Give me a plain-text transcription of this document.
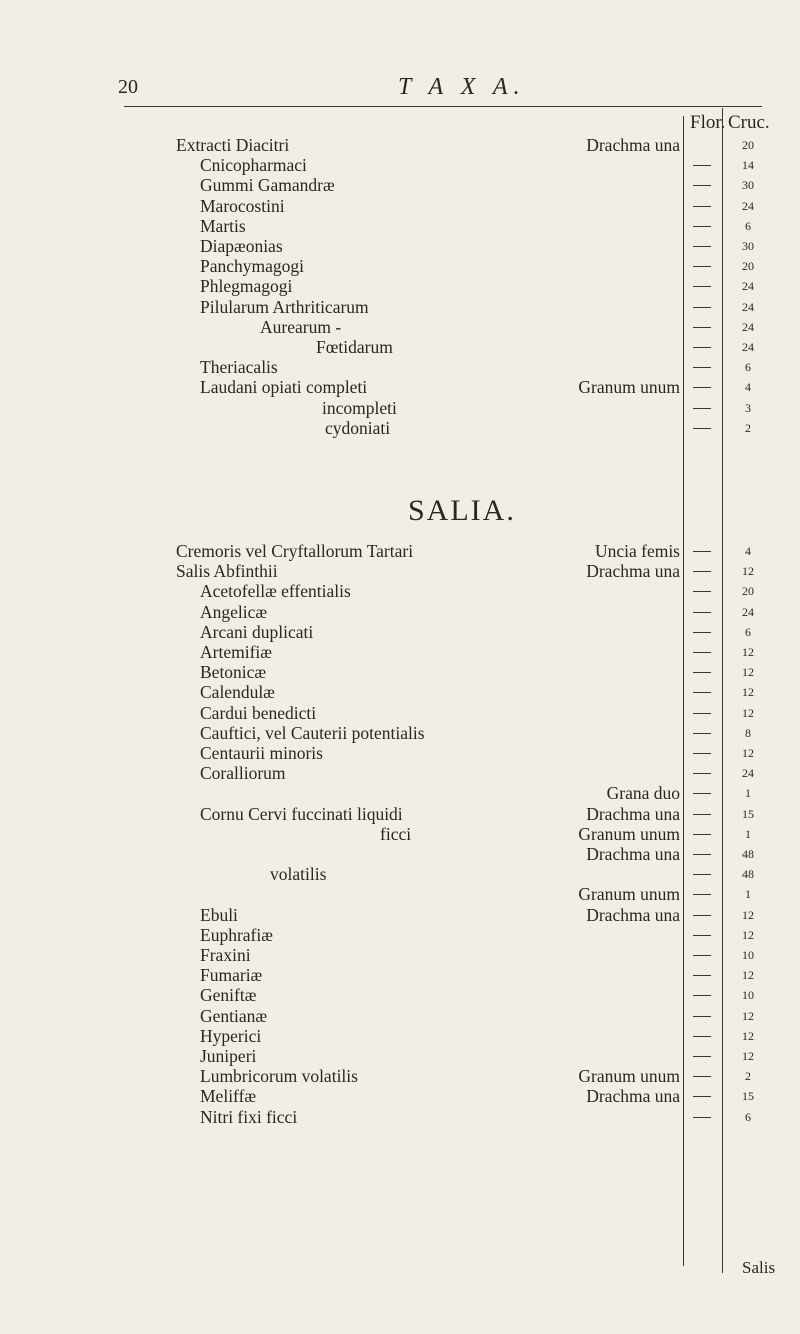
20	T A X A.
Flor. Cruc.
Extracti Diacitri	Drachma una	20
Cnicopharmaci	14
Gummi Gamandræ	30
Marocostini	24
Martis	6
Diapæonias	30
Panchymagogi	20
Phlegmagogi	24
Pilularum Arthriticarum	24
Aurearum -	24
Fœtidarum	24
Theriacalis	6
Laudani opiati completi	Granum unum	4
incompleti	3
cydoniati	2
SALIA.
Cremoris vel Cryftallorum Tartari	Uncia femis	4
Salis Abfinthii	Drachma una	12
Acetofellæ effentialis	20
Angelicæ	24
Arcani duplicati	6
Artemifiæ	12
Betonicæ	12
Calendulæ	12
Cardui benedicti	12
Cauftici, vel Cauterii potentialis	8
Centaurii minoris	12
Coralliorum	24
Grana duo	1
Cornu Cervi fuccinati liquidi	Drachma una	15
ficci	Granum unum	1
Drachma una	48
volatilis	48
Granum unum	1
Ebuli	Drachma una	12
Euphrafiæ	12
Fraxini	10
Fumariæ	12
Geniftæ	10
Gentianæ	12
Hyperici	12
Juniperi	12
Lumbricorum volatilis	Granum unum	2
Meliffæ	Drachma una	15
Nitri fixi ficci	6
Salis
